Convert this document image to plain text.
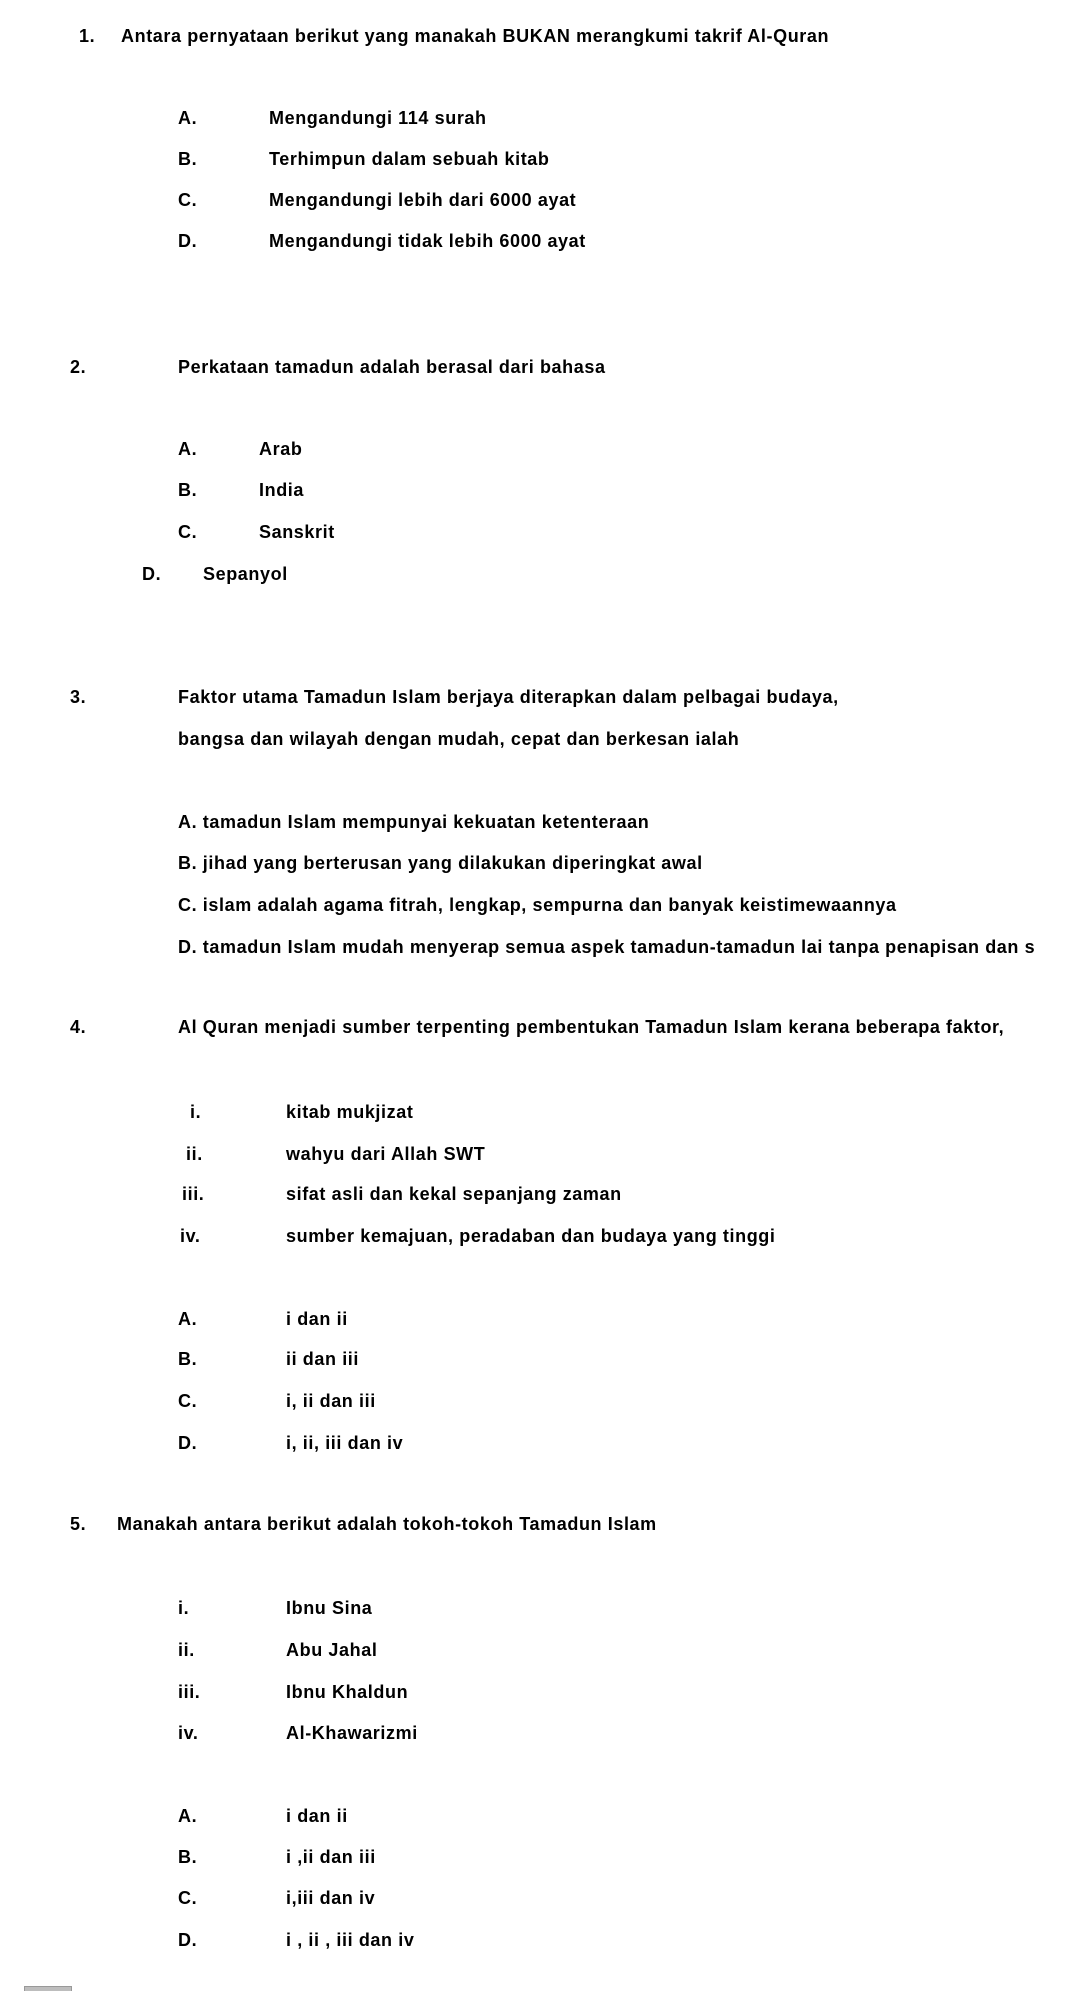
1. Antara pernyataan berikut yang manakah BUKAN merangkumi takrif Al-Quran
A.	Mengandungi 114 surah
B.	Terhimpun dalam sebuah kitab
C.	Mengandungi lebih dari 6000 ayat
D.	Mengandungi tidak lebih 6000 ayat
2.	Perkataan tamadun adalah berasal dari bahasa
A.	Arab
B.	India
C.	Sanskrit
D. Sepanyol
3.	Faktor utama Tamadun Islam berjaya diterapkan dalam pelbagai budaya,
bangsa dan wilayah dengan mudah, cepat dan berkesan ialah
A. tamadun Islam mempunyai kekuatan ketenteraan
B. jihad yang berterusan yang dilakukan diperingkat awal
C. islam adalah agama fitrah, lengkap, sempurna dan banyak keistimewaannya
D. tamadun Islam mudah menyerap semua aspek tamadun-tamadun lai tanpa penapisan dan s
4.	Al Quran menjadi sumber terpenting pembentukan Tamadun Islam kerana beberapa faktor,
i.	kitab mukjizat
ii.	wahyu dari Allah SWT
iii.	sifat asli dan kekal sepanjang zaman
iv.	sumber kemajuan, peradaban dan budaya yang tinggi
A.	i dan ii
B.	ii dan iii
C.	i, ii dan iii
D.	i, ii, iii dan iv
5. Manakah antara berikut adalah tokoh-tokoh Tamadun Islam
i.	Ibnu Sina
ii.	Abu Jahal
iii.	Ibnu Khaldun
iv.	Al-Khawarizmi
A.	i dan ii
B.	i ,ii dan iii
C.	i,iii dan iv
D.	i , ii , iii dan iv
